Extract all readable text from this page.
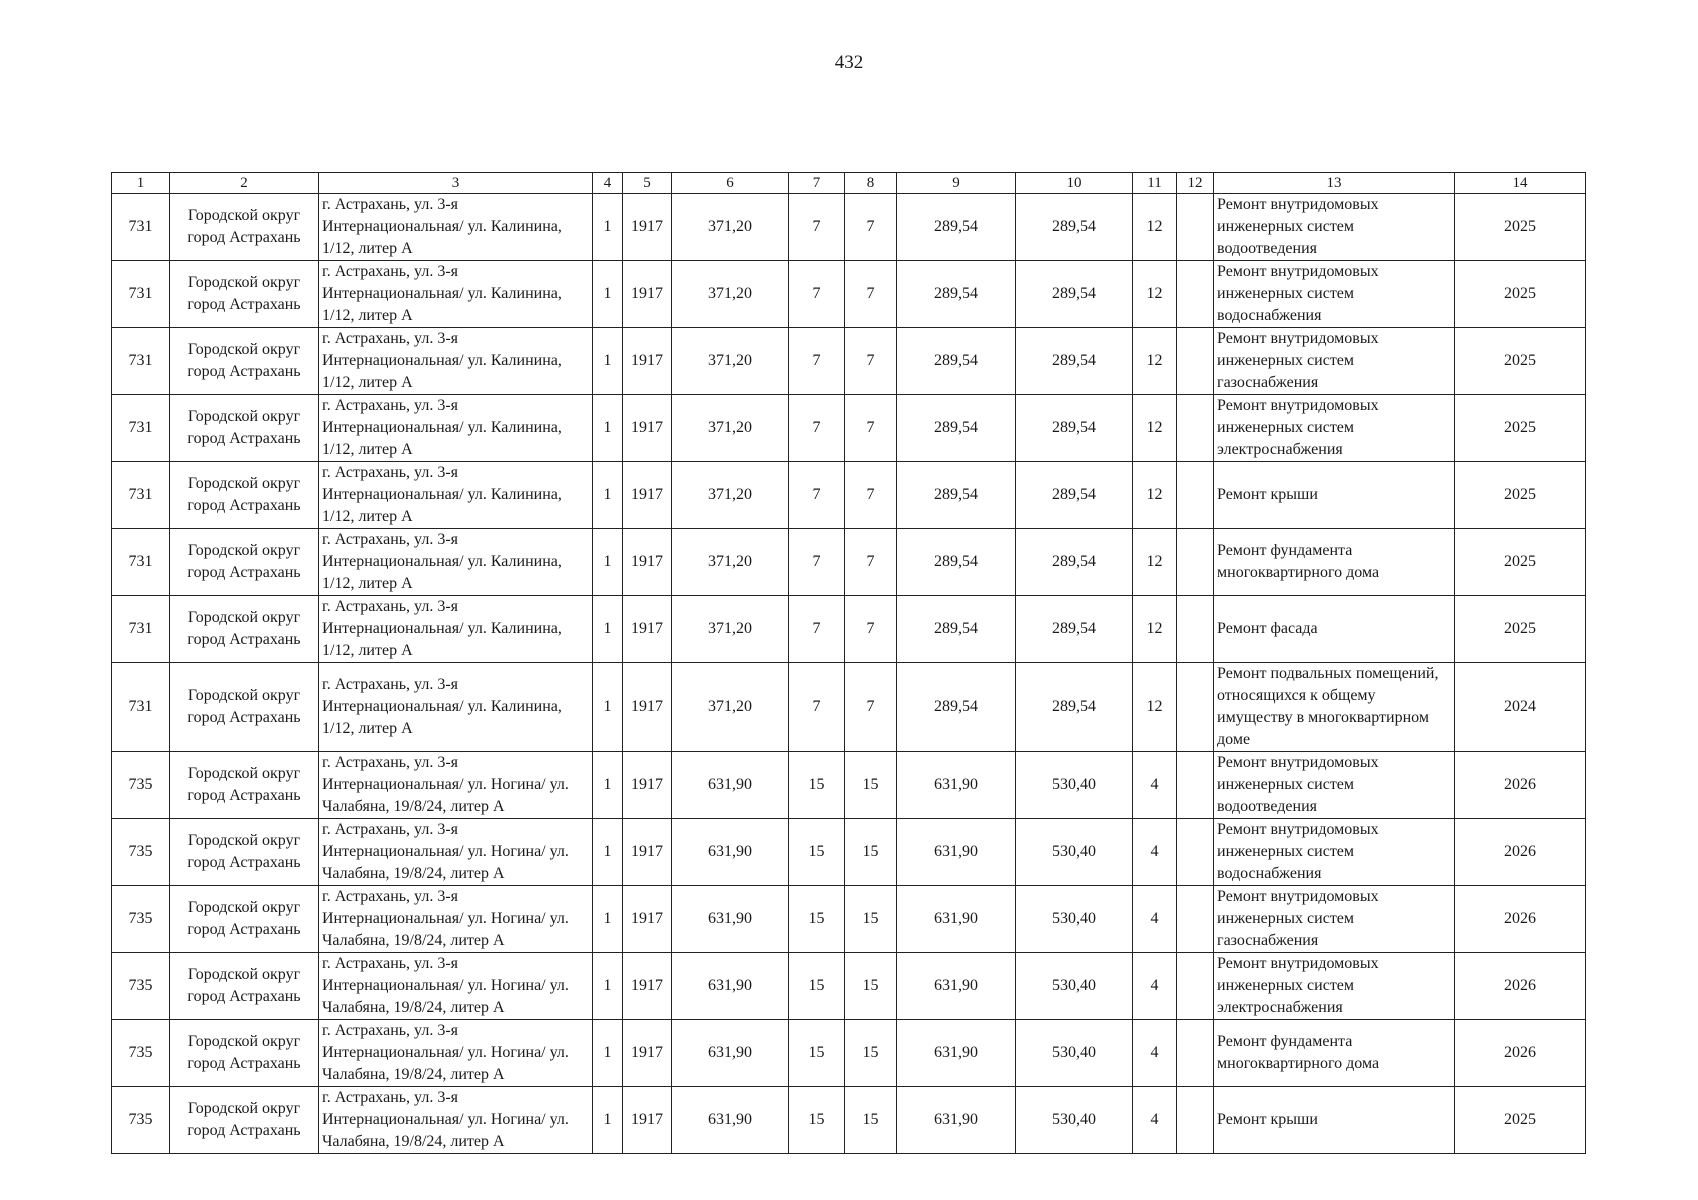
432
1	2	3	4	5	6	7	8	9	10	11	12	13	14
731	Городской округ город Астрахань	г. Астрахань, ул. 3-я Интернациональная/ ул. Калинина, 1/12, литер А	1	1917	371,20	7	7	289,54	289,54	12		Ремонт внутридомовых инженерных систем водоотведения	2025
731	Городской округ город Астрахань	г. Астрахань, ул. 3-я Интернациональная/ ул. Калинина, 1/12, литер А	1	1917	371,20	7	7	289,54	289,54	12		Ремонт внутридомовых инженерных систем водоснабжения	2025
731	Городской округ город Астрахань	г. Астрахань, ул. 3-я Интернациональная/ ул. Калинина, 1/12, литер А	1	1917	371,20	7	7	289,54	289,54	12		Ремонт внутридомовых инженерных систем газоснабжения	2025
731	Городской округ город Астрахань	г. Астрахань, ул. 3-я Интернациональная/ ул. Калинина, 1/12, литер А	1	1917	371,20	7	7	289,54	289,54	12		Ремонт внутридомовых инженерных систем электроснабжения	2025
731	Городской округ город Астрахань	г. Астрахань, ул. 3-я Интернациональная/ ул. Калинина, 1/12, литер А	1	1917	371,20	7	7	289,54	289,54	12		Ремонт крыши	2025
731	Городской округ город Астрахань	г. Астрахань, ул. 3-я Интернациональная/ ул. Калинина, 1/12, литер А	1	1917	371,20	7	7	289,54	289,54	12		Ремонт фундамента многоквартирного дома	2025
731	Городской округ город Астрахань	г. Астрахань, ул. 3-я Интернациональная/ ул. Калинина, 1/12, литер А	1	1917	371,20	7	7	289,54	289,54	12		Ремонт фасада	2025
731	Городской округ город Астрахань	г. Астрахань, ул. 3-я Интернациональная/ ул. Калинина, 1/12, литер А	1	1917	371,20	7	7	289,54	289,54	12		Ремонт подвальных помещений, относящихся к общему имуществу в многоквартирном доме	2024
735	Городской округ город Астрахань	г. Астрахань, ул. 3-я Интернациональная/ ул. Ногина/ ул. Чалабяна, 19/8/24, литер А	1	1917	631,90	15	15	631,90	530,40	4		Ремонт внутридомовых инженерных систем водоотведения	2026
735	Городской округ город Астрахань	г. Астрахань, ул. 3-я Интернациональная/ ул. Ногина/ ул. Чалабяна, 19/8/24, литер А	1	1917	631,90	15	15	631,90	530,40	4		Ремонт внутридомовых инженерных систем водоснабжения	2026
735	Городской округ город Астрахань	г. Астрахань, ул. 3-я Интернациональная/ ул. Ногина/ ул. Чалабяна, 19/8/24, литер А	1	1917	631,90	15	15	631,90	530,40	4		Ремонт внутридомовых инженерных систем газоснабжения	2026
735	Городской округ город Астрахань	г. Астрахань, ул. 3-я Интернациональная/ ул. Ногина/ ул. Чалабяна, 19/8/24, литер А	1	1917	631,90	15	15	631,90	530,40	4		Ремонт внутридомовых инженерных систем электроснабжения	2026
735	Городской округ город Астрахань	г. Астрахань, ул. 3-я Интернациональная/ ул. Ногина/ ул. Чалабяна, 19/8/24, литер А	1	1917	631,90	15	15	631,90	530,40	4		Ремонт фундамента многоквартирного дома	2026
735	Городской округ город Астрахань	г. Астрахань, ул. 3-я Интернациональная/ ул. Ногина/ ул. Чалабяна, 19/8/24, литер А	1	1917	631,90	15	15	631,90	530,40	4		Ремонт крыши	2025
